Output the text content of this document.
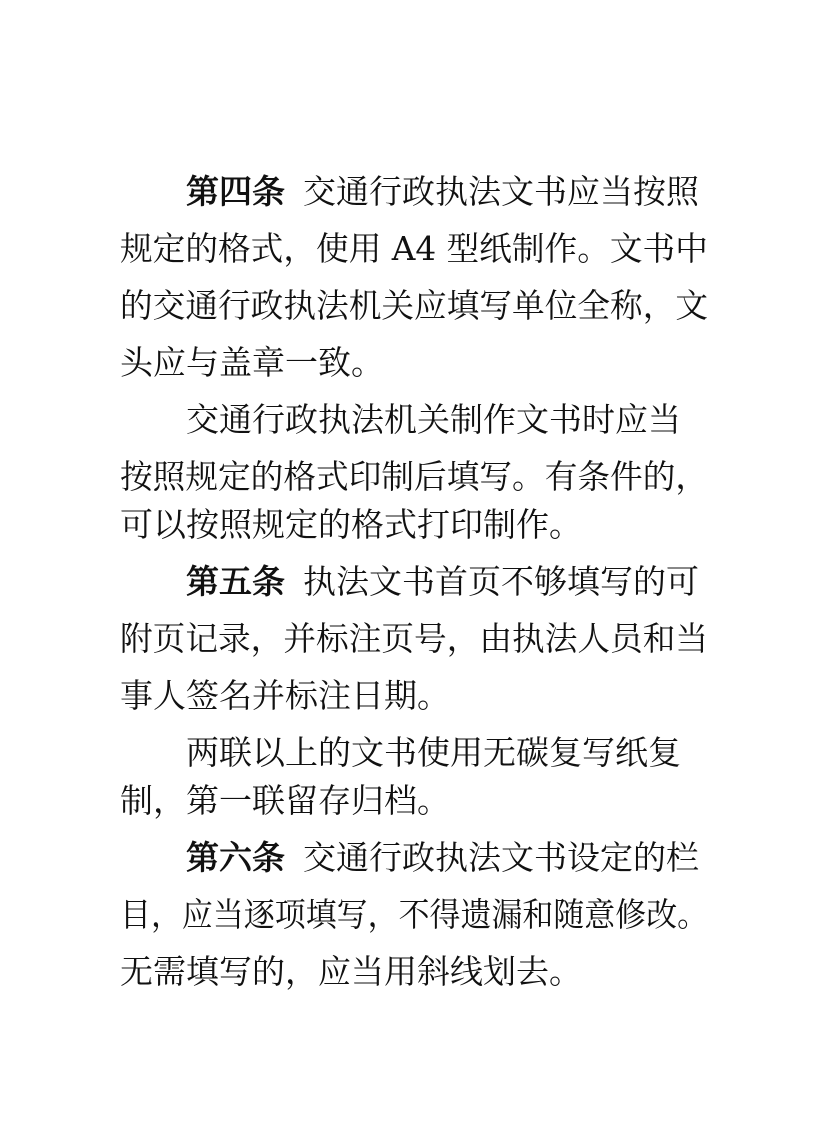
第四条 交通行政执法文书应当按照
规定的格式，使用 A4 型纸制作。文书中
的交通行政执法机关应填写单位全称，文
头应与盖章一致。
交通行政执法机关制作文书时应当
按照规定的格式印制后填写。有条件的，
可以按照规定的格式打印制作。
第五条 执法文书首页不够填写的可
附页记录，并标注页号，由执法人员和当
事人签名并标注日期。
两联以上的文书使用无碳复写纸复
制，第一联留存归档。
第六条 交通行政执法文书设定的栏
目，应当逐项填写，不得遗漏和随意修改。
无需填写的，应当用斜线划去。
